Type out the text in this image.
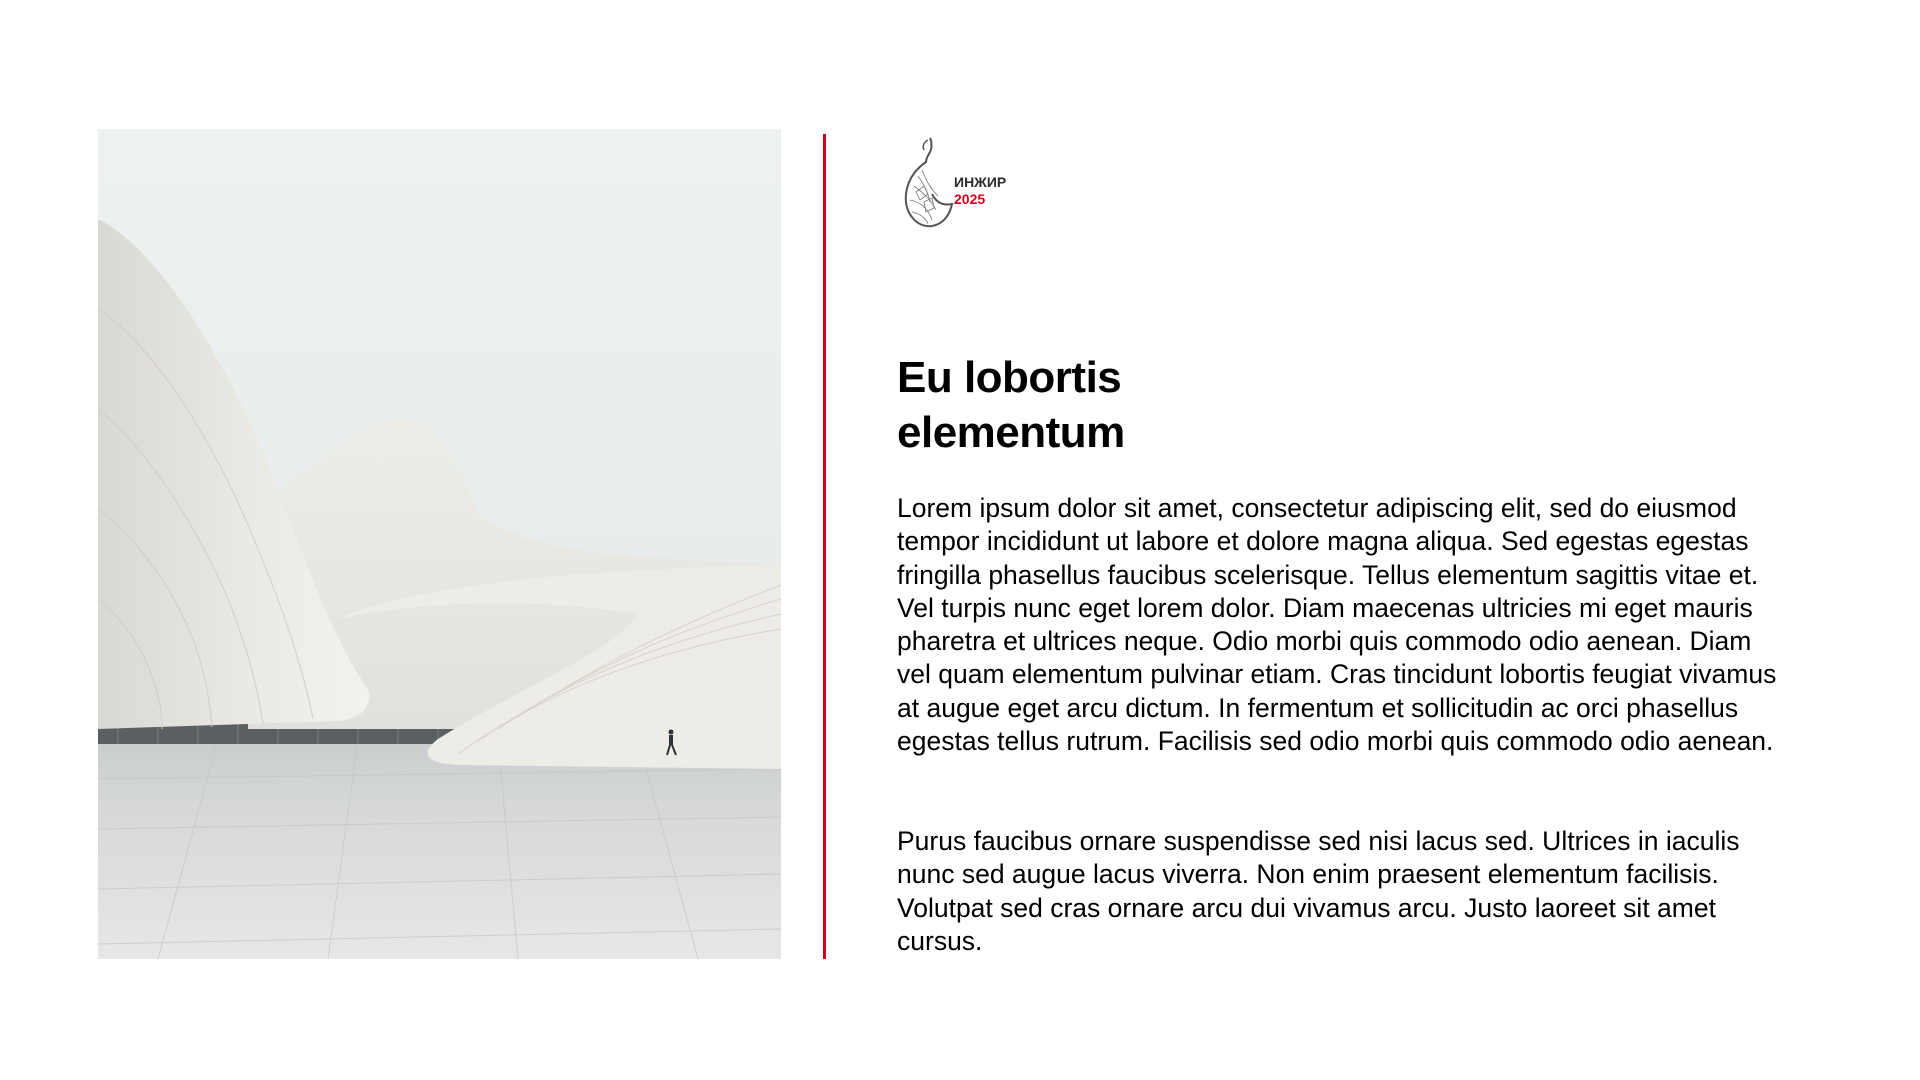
ИНЖИР
2025
Eu lobortis
elementum

Lorem ipsum dolor sit amet, consectetur adipiscing elit, sed do eiusmod tempor incididunt ut labore et dolore magna aliqua. Sed egestas egestas fringilla phasellus faucibus scelerisque. Tellus elementum sagittis vitae et. Vel turpis nunc eget lorem dolor. Diam maecenas ultricies mi eget mauris pharetra et ultrices neque. Odio morbi quis commodo odio aenean. Diam vel quam elementum pulvinar etiam. Cras tincidunt lobortis feugiat vivamus at augue eget arcu dictum. In fermentum et sollicitudin ac orci phasellus egestas tellus rutrum. Facilisis sed odio morbi quis commodo odio aenean.

Purus faucibus ornare suspendisse sed nisi lacus sed. Ultrices in iaculis nunc sed augue lacus viverra. Non enim praesent elementum facilisis. Volutpat sed cras ornare arcu dui vivamus arcu. Justo laoreet sit amet cursus.
